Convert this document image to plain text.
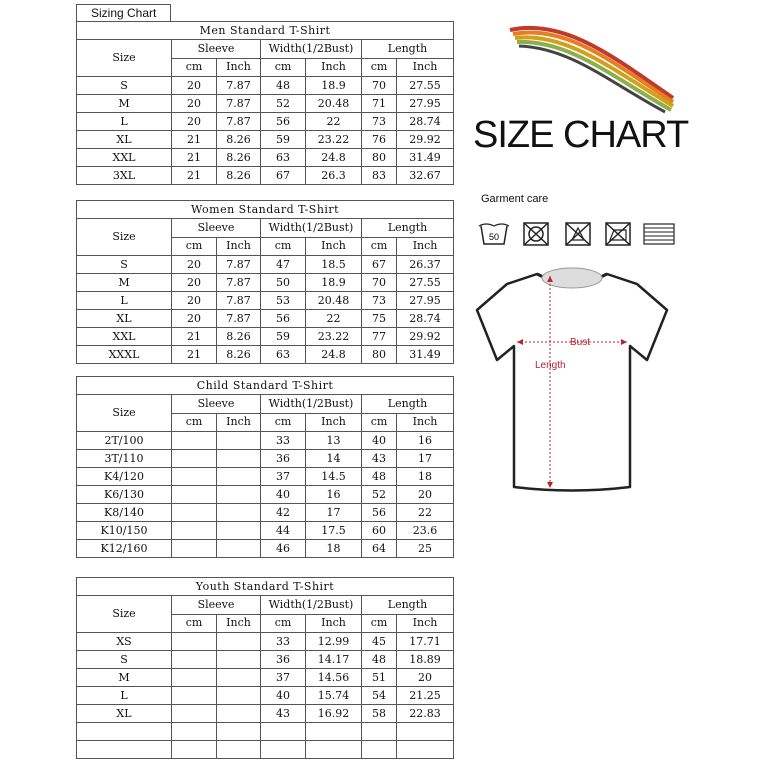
Sizing Chart
Men Standard T-Shirt						
Size	Sleeve		Width(1/2Bust)		Length	
	cm	Inch	cm	Inch	cm	Inch
S	20	7.87	48	18.9	70	27.55
M	20	7.87	52	20.48	71	27.95
L	20	7.87	56	22	73	28.74
XL	21	8.26	59	23.22	76	29.92
XXL	21	8.26	63	24.8	80	31.49
3XL	21	8.26	67	26.3	83	32.67
Women Standard T-Shirt						
Size	Sleeve		Width(1/2Bust)		Length	
	cm	Inch	cm	Inch	cm	Inch
S	20	7.87	47	18.5	67	26.37
M	20	7.87	50	18.9	70	27.55
L	20	7.87	53	20.48	73	27.95
XL	20	7.87	56	22	75	28.74
XXL	21	8.26	59	23.22	77	29.92
XXXL	21	8.26	63	24.8	80	31.49
Child Standard T-Shirt						
Size	Sleeve		Width(1/2Bust)		Length	
	cm	Inch	cm	Inch	cm	Inch
2T/100			33	13	40	16
3T/110			36	14	43	17
K4/120			37	14.5	48	18
K6/130			40	16	52	20
K8/140			42	17	56	22
K10/150			44	17.5	60	23.6
K12/160			46	18	64	25
Youth Standard T-Shirt						
Size	Sleeve		Width(1/2Bust)		Length	
	cm	Inch	cm	Inch	cm	Inch
XS			33	12.99	45	17.71
S			36	14.17	48	18.89
M			37	14.56	51	20
L			40	15.74	54	21.25
XL			43	16.92	58	22.83

SIZE CHART
Garment care
50
Bust
Length
